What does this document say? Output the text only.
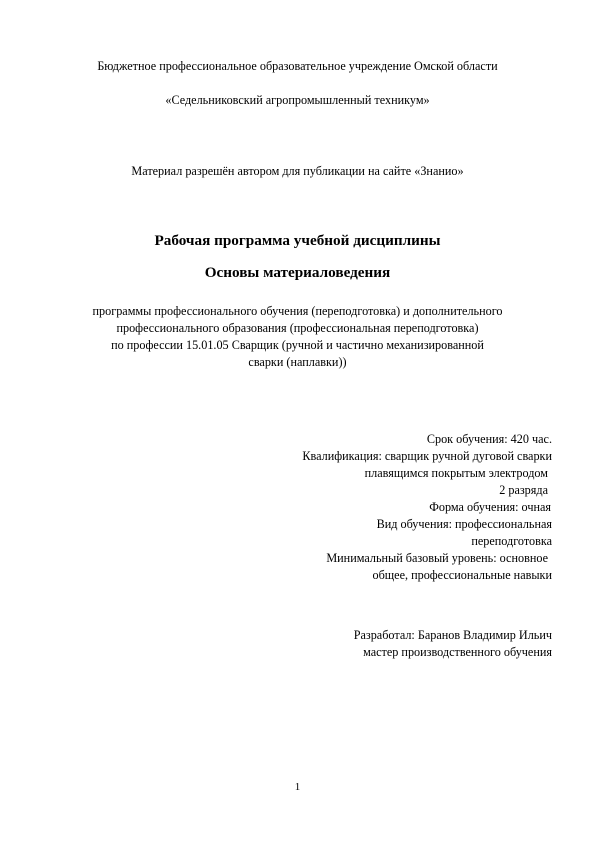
Бюджетное профессиональное образовательное учреждение Омской области
«Седельниковский агропромышленный техникум»
Материал разрешён автором для публикации на сайте «Знанио»
Рабочая программа учебной дисциплины
Основы материаловедения
программы профессионального обучения (переподготовка) и дополнительного
профессионального образования (профессиональная переподготовка)
по профессии 15.01.05 Сварщик (ручной и частично механизированной
сварки (наплавки))
Срок обучения: 420 час.
Квалификация: сварщик ручной дуговой сварки
плавящимся покрытым электродом
2 разряда
Форма обучения: очная
Вид обучения: профессиональная
переподготовка
Минимальный базовый уровень: основное
общее, профессиональные навыки
Разработал: Баранов Владимир Ильич
мастер производственного обучения
1
